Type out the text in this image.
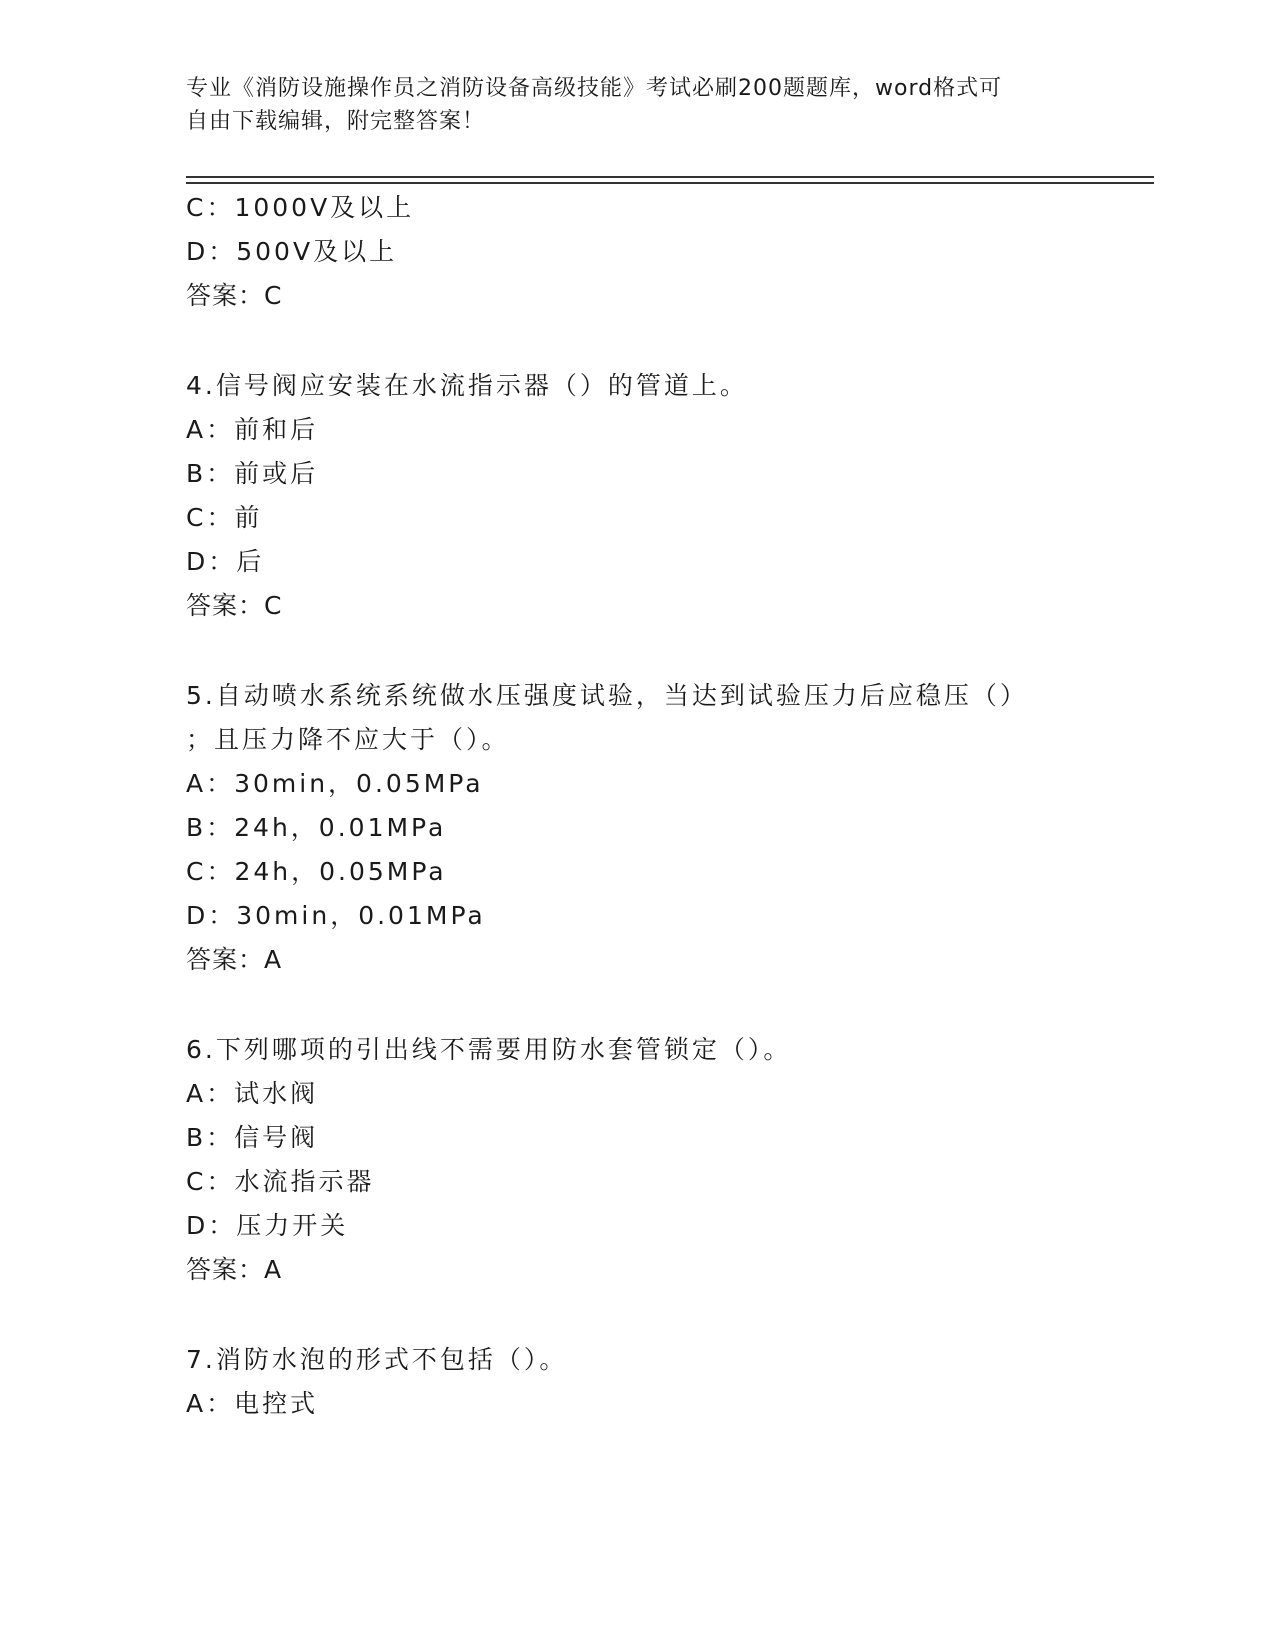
专业《消防设施操作员之消防设备高级技能》考试必刷200题题库，word格式可
自由下载编辑，附完整答案！
C：1000V及以上
D：500V及以上
答案：C
4.信号阀应安装在水流指示器（）的管道上。
A：前和后
B：前或后
C：前
D：后
答案：C
5.自动喷水系统系统做水压强度试验，当达到试验压力后应稳压（）
；且压力降不应大于（）。
A：30min，0.05MPa
B：24h，0.01MPa
C：24h，0.05MPa
D：30min，0.01MPa
答案：A
6.下列哪项的引出线不需要用防水套管锁定（）。
A：试水阀
B：信号阀
C：水流指示器
D：压力开关
答案：A
7.消防水泡的形式不包括（）。
A：电控式
